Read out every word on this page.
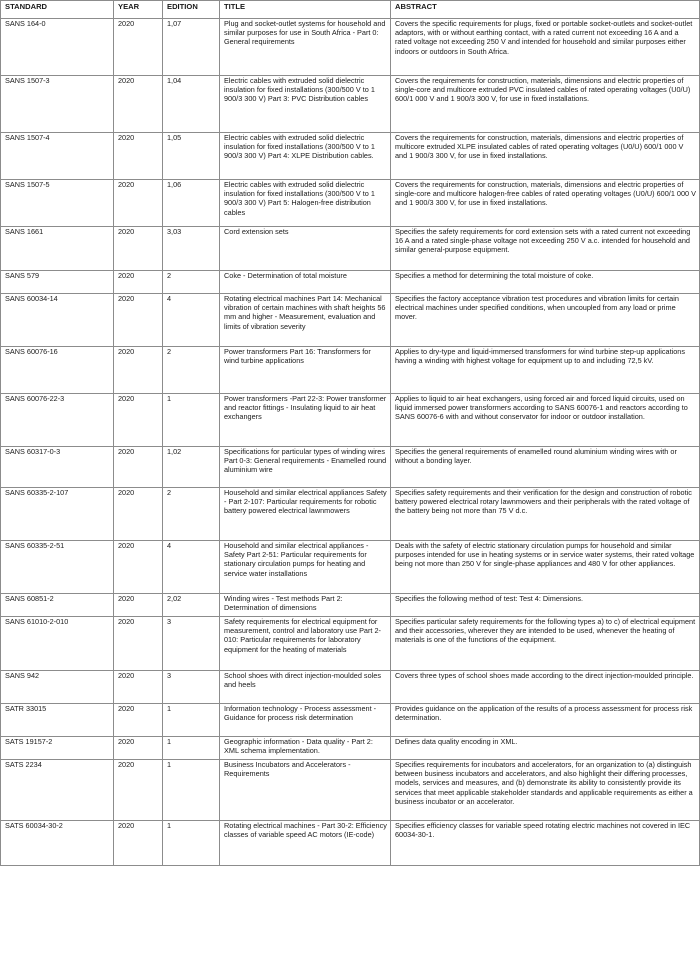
STANDARD	YEAR	EDITION	TITLE	ABSTRACT
SANS 164-0	2020	1,07	Plug and socket-outlet systems for household and similar purposes for use in South Africa - Part 0: General requirements	Covers the specific requirements for plugs, fixed or portable socket-outlets and socket-outlet adaptors, with or without earthing contact, with a rated current not exceeding 16 A and a rated voltage not exceeding 250 V and intended for household and similar purposes either indoors or outdoors in South Africa.
SANS 1507-3	2020	1,04	Electric cables with extruded solid dielectric insulation for fixed installations (300/500 V to 1 900/3 300 V) Part 3: PVC Distribution cables	Covers the requirements for construction, materials, dimensions and electric properties of single-core and multicore extruded PVC insulated cables of rated operating voltages (U0/U) 600/1 000 V and 1 900/3 300 V, for use in fixed installations.
SANS 1507-4	2020	1,05	Electric cables with extruded solid dielectric insulation for fixed installations (300/500 V to 1 900/3 300 V) Part 4: XLPE Distribution cables.	Covers the requirements for construction, materials, dimensions and electric properties of multicore extruded XLPE insulated cables of rated operating voltages (U0/U) 600/1 000 V and 1 900/3 300 V, for use in fixed installations.
SANS 1507-5	2020	1,06	Electric cables with extruded solid dielectric insulation for fixed installations (300/500 V to 1 900/3 300 V) Part 5: Halogen-free distribution cables	Covers the requirements for construction, materials, dimensions and electric properties of single-core and multicore halogen-free cables of rated operating voltages (U0/U) 600/1 000 V and 1 900/3 300 V, for use in fixed installations.
SANS 1661	2020	3,03	Cord extension sets	Specifies the safety requirements for cord extension sets with a rated current not exceeding 16 A and a rated single-phase voltage not exceeding 250 V a.c. intended for household and similar general-purpose equipment.
SANS 579	2020	2	Coke - Determination of total moisture	Specifies a method for determining the total moisture of coke.
SANS 60034-14	2020	4	Rotating electrical machines Part 14: Mechanical vibration of certain machines with shaft heights 56 mm and higher - Measurement, evaluation and limits of vibration severity	Specifies the factory acceptance vibration test procedures and vibration limits for certain electrical machines under specified conditions, when uncoupled from any load or prime mover.
SANS 60076-16	2020	2	Power transformers Part 16: Transformers for wind turbine applications	Applies to dry-type and liquid-immersed transformers for wind turbine step-up applications having a winding with highest voltage for equipment up to and including 72,5 kV.
SANS 60076-22-3	2020	1	Power transformers -Part 22-3: Power transformer and reactor fittings - Insulating liquid to air heat exchangers	Applies to liquid to air heat exchangers, using forced air and forced liquid circuits, used on liquid immersed power transformers according to SANS 60076-1 and reactors according to SANS 60076-6 with and without conservator for indoor or outdoor installation.
SANS 60317-0-3	2020	1,02	Specifications for particular types of winding wires Part 0-3: General requirements - Enamelled round aluminium wire	Specifies the general requirements of enamelled round aluminium winding wires with or without a bonding layer.
SANS 60335-2-107	2020	2	Household and similar electrical appliances Safety - Part 2-107: Particular requirements for robotic battery powered electrical lawnmowers	Specifies safety requirements and their verification for the design and construction of robotic battery powered electrical rotary lawnmowers and their peripherals with the rated voltage of the battery being not more than 75 V d.c.
SANS 60335-2-51	2020	4	Household and similar electrical appliances - Safety Part 2-51: Particular requirements for stationary circulation pumps for heating and service water installations	Deals with the safety of electric stationary circulation pumps for household and similar purposes intended for use in heating systems or in service water systems, their rated voltage being not more than 250 V for single-phase appliances and 480 V for other appliances.
SANS 60851-2	2020	2,02	Winding wires - Test methods Part 2: Determination of dimensions	Specifies the following method of test: Test 4: Dimensions.
SANS 61010-2-010	2020	3	Safety requirements for electrical equipment for measurement, control and laboratory use Part 2-010: Particular requirements for laboratory equipment for the heating of materials	Specifies particular safety requirements for the following types a) to c) of electrical equipment and their accessories, wherever they are intended to be used, whenever the heating of materials is one of the functions of the equipment.
SANS 942	2020	3	School shoes with direct injection-moulded soles and heels	Covers three types of school shoes made according to the direct injection-moulded principle.
SATR 33015	2020	1	Information technology - Process assessment - Guidance for process risk determination	Provides guidance on the application of the results of a process assessment for process risk determination.
SATS 19157-2	2020	1	Geographic information - Data quality - Part 2: XML schema implementation.	Defines data quality encoding in XML.
SATS 2234	2020	1	Business Incubators and Accelerators - Requirements	Specifies requirements for incubators and accelerators, for an organization to (a) distinguish between business incubators and accelerators, and also highlight their differing processes, models, services and measures, and (b) demonstrate its ability to consistently provide its services that meet applicable stakeholder standards and applicable requirements as either a business incubator or an accelerator.
SATS 60034-30-2	2020	1	Rotating electrical machines - Part 30-2: Efficiency classes of variable speed AC motors (IE-code)	Specifies efficiency classes for variable speed rotating electric machines not covered in IEC 60034-30-1.
